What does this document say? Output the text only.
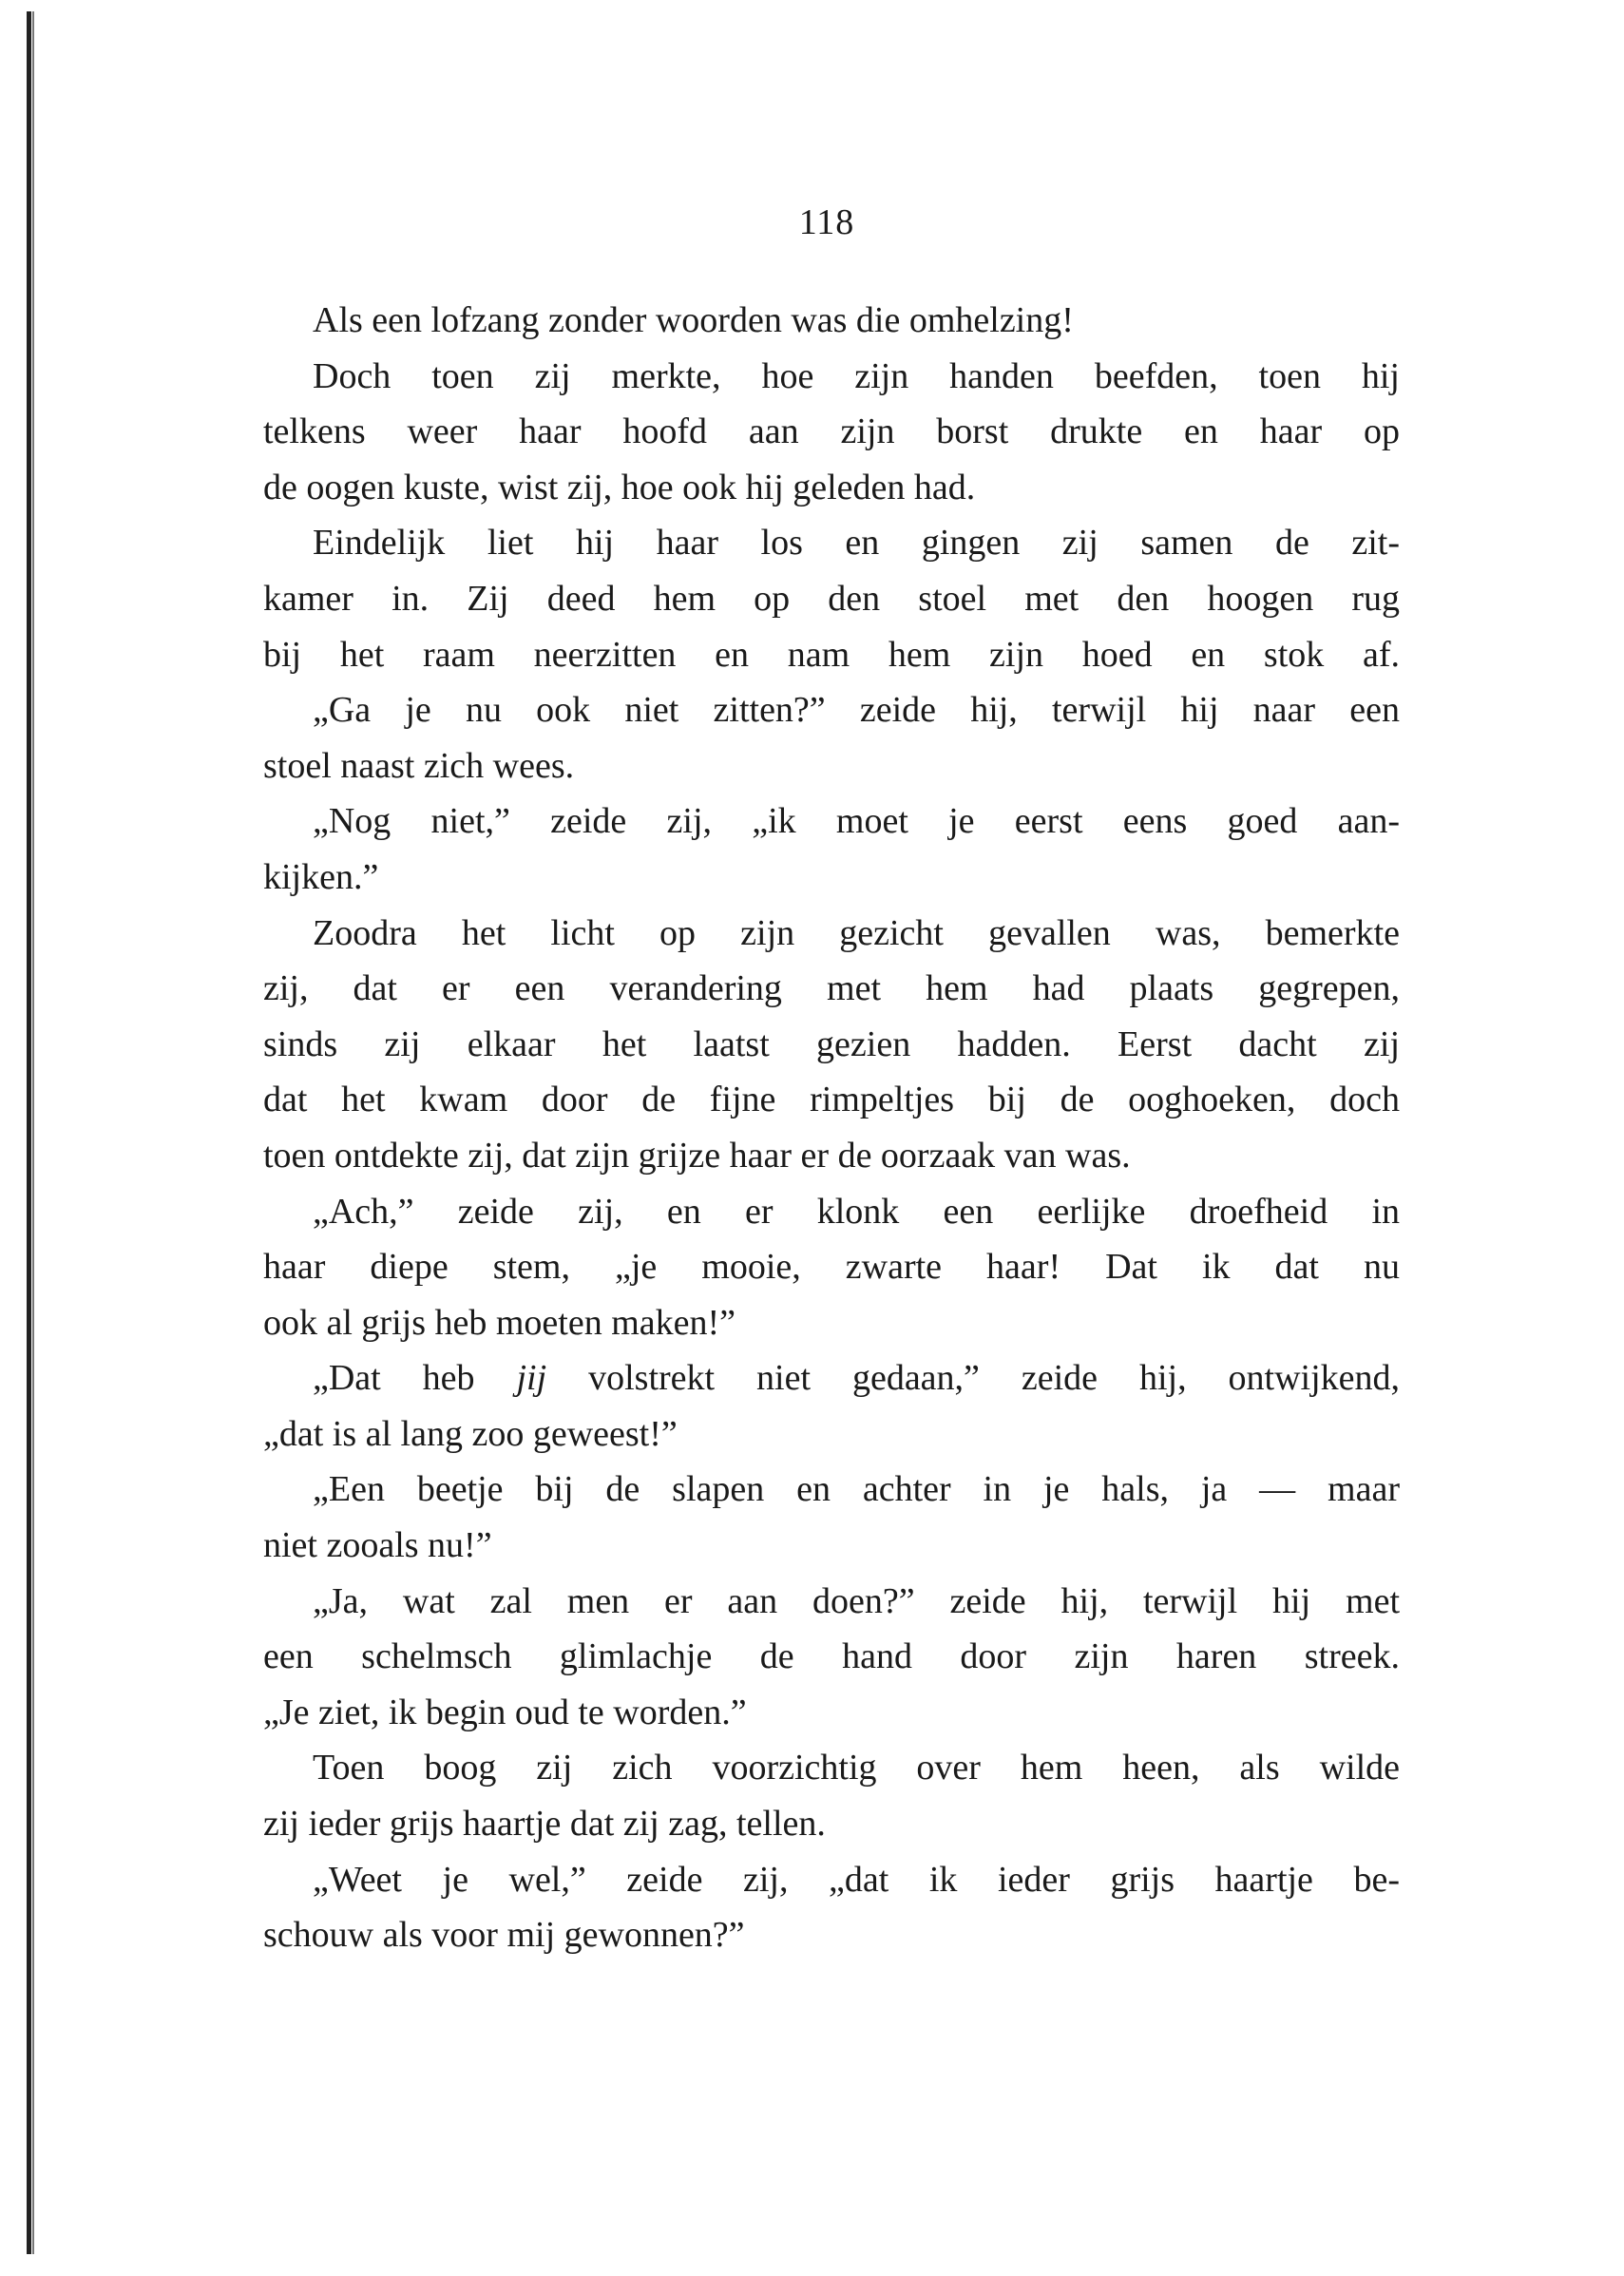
118
Als een lofzang zonder woorden was die omhelzing!
Doch toen zij merkte, hoe zijn handen beefden, toen hij
telkens weer haar hoofd aan zijn borst drukte en haar op
de oogen kuste, wist zij, hoe ook hij geleden had.
Eindelijk liet hij haar los en gingen zij samen de zit-
kamer in. Zij deed hem op den stoel met den hoogen rug
bij het raam neerzitten en nam hem zijn hoed en stok af.
„Ga je nu ook niet zitten?” zeide hij, terwijl hij naar een
stoel naast zich wees.
„Nog niet,” zeide zij, „ik moet je eerst eens goed aan-
kijken.”
Zoodra het licht op zijn gezicht gevallen was, bemerkte
zij, dat er een verandering met hem had plaats gegrepen,
sinds zij elkaar het laatst gezien hadden. Eerst dacht zij
dat het kwam door de fijne rimpeltjes bij de ooghoeken, doch
toen ontdekte zij, dat zijn grijze haar er de oorzaak van was.
„Ach,” zeide zij, en er klonk een eerlijke droefheid in
haar diepe stem, „je mooie, zwarte haar! Dat ik dat nu
ook al grijs heb moeten maken!”
„Dat heb jij volstrekt niet gedaan,” zeide hij, ontwijkend,
„dat is al lang zoo geweest!”
„Een beetje bij de slapen en achter in je hals, ja — maar
niet zooals nu!”
„Ja, wat zal men er aan doen?” zeide hij, terwijl hij met
een schelmsch glimlachje de hand door zijn haren streek.
„Je ziet, ik begin oud te worden.”
Toen boog zij zich voorzichtig over hem heen, als wilde
zij ieder grijs haartje dat zij zag, tellen.
„Weet je wel,” zeide zij, „dat ik ieder grijs haartje be-
schouw als voor mij gewonnen?”
